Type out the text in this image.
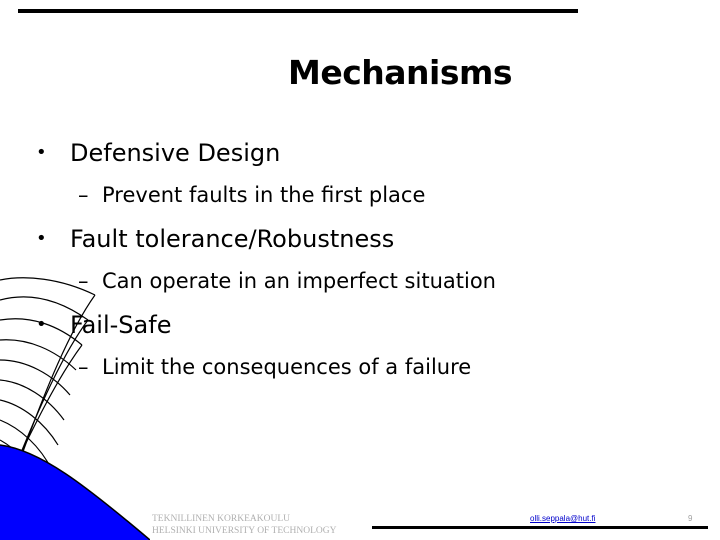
Mechanisms
• Defensive Design
– Prevent faults in the first place
• Fault tolerance/Robustness
– Can operate in an imperfect situation
• Fail-Safe
– Limit the consequences of a failure
TEKNILLINEN KORKEAKOULU
HELSINKI UNIVERSITY OF TECHNOLOGY
olli.seppala@hut.fi	9
